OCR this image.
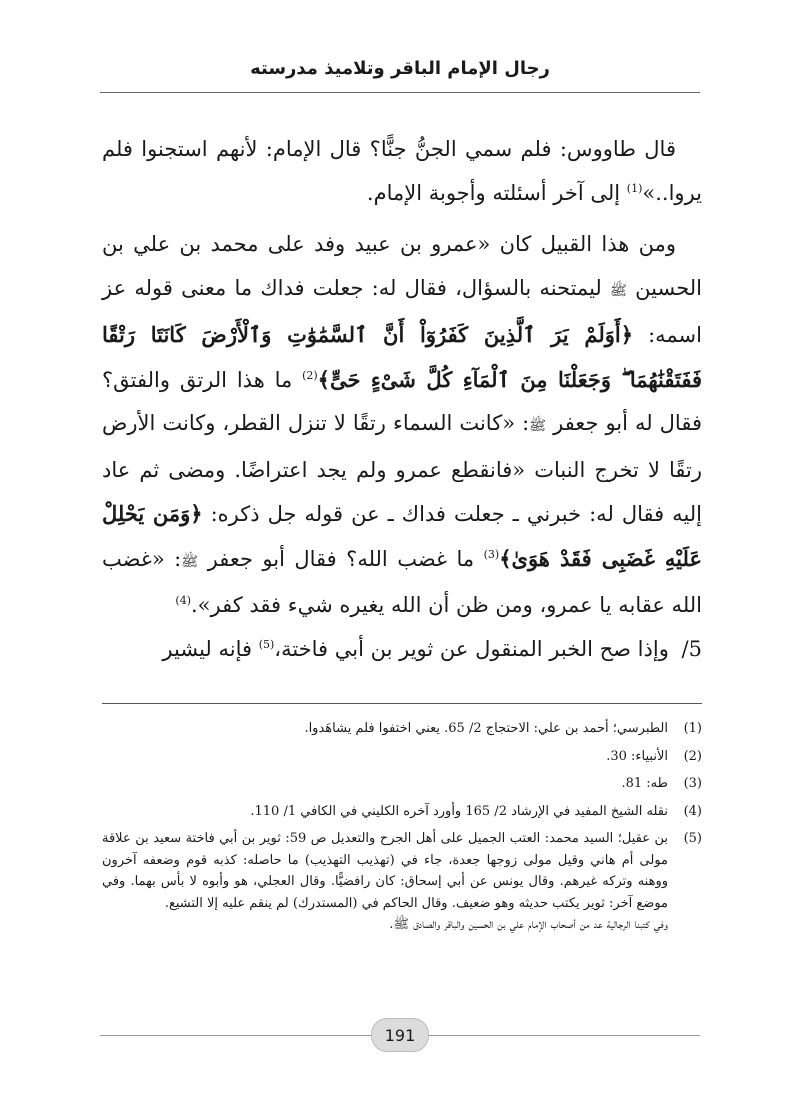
رجال الإمام الباقر وتلاميذ مدرسته

قال طاووس: فلم سمي الجنُّ جنًّا؟ قال الإمام: لأنهم استجنوا فلم يروا..»$^{(1)}$ إلى آخر أسئلته وأجوبة الإمام.

ومن هذا القبيل كان «عمرو بن عبيد وفد على محمد بن علي بن الحسين ﷺ ليمتحنه بالسؤال، فقال له: جعلت فداك ما معنى قوله عز اسمه: ﴿أَوَلَمْ يَرَ ٱلَّذِينَ كَفَرُوٓاْ أَنَّ ٱلسَّمَٰوَٰتِ وَٱلْأَرْضَ كَانَتَا رَتْقًا فَفَتَقْنَٰهُمَا ۖ وَجَعَلْنَا مِنَ ٱلْمَآءِ كُلَّ شَىْءٍ حَىٍّ﴾$^{(2)}$ ما هذا الرتق والفتق؟ فقال له أبو جعفر ﷺ: «كانت السماء رتقًا لا تنزل القطر، وكانت الأرض رتقًا لا تخرج النبات «فانقطع عمرو ولم يجد اعتراضًا. ومضى ثم عاد إليه فقال له: خبرني ـ جعلت فداك ـ عن قوله جل ذكره: ﴿وَمَن يَحْلِلْ عَلَيْهِ غَضَبِى فَقَدْ هَوَىٰ﴾$^{(3)}$ ما غضب الله؟ فقال أبو جعفر ﷺ: «غضب الله عقابه يا عمرو، ومن ظن أن الله يغيره شيء فقد كفر».$^{(4)}$

5/ وإذا صح الخبر المنقول عن ثوير بن أبي فاختة،$^{(5)}$ فإنه ليشير

(1)
الطبرسي؛ أحمد بن علي: الاحتجاج 2/ 65. يعني اختفوا فلم يشاهَدوا.
(2)
الأنبياء: 30.
(3)
طه: 81.
(4)
نقله الشيخ المفيد في الإرشاد 2/ 165 وأورد آخره الكليني في الكافي 1/ 110.
(5)

بن عقيل؛ السيد محمد: العتب الجميل على أهل الجرح والتعديل ص 59: ثوير بن أبي فاختة سعيد بن علاقة مولى أم هاني وقيل مولى زوجها جعدة، جاء في (تهذيب التهذيب) ما حاصله: كذبه قوم وضعفه آخرون ووهنه وتركه غيرهم. وقال يونس عن أبي إسحاق: كان رافضيًّا. وقال العجلي، هو وأبوه لا بأس بهما. وفي موضع آخر: ثوير يكتب حديثه وهو ضعيف. وقال الحاكم في (المستدرك) لم ينقم عليه إلا التشيع.

وفي كتبنا الرجالية عد من أصحاب الإمام علي بن الحسين والباقر والصادق ﷺ.

191
